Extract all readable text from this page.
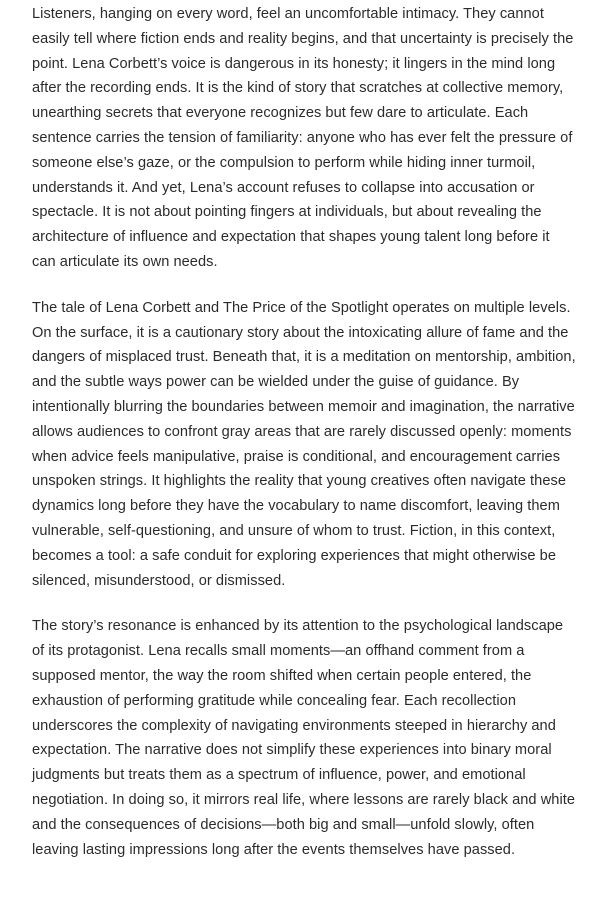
Listeners, hanging on every word, feel an uncomfortable intimacy. They cannot easily tell where fiction ends and reality begins, and that uncertainty is precisely the point. Lena Corbett’s voice is dangerous in its honesty; it lingers in the mind long after the recording ends. It is the kind of story that scratches at collective memory, unearthing secrets that everyone recognizes but few dare to articulate. Each sentence carries the tension of familiarity: anyone who has ever felt the pressure of someone else’s gaze, or the compulsion to perform while hiding inner turmoil, understands it. And yet, Lena’s account refuses to collapse into accusation or spectacle. It is not about pointing fingers at individuals, but about revealing the architecture of influence and expectation that shapes young talent long before it can articulate its own needs.

The tale of Lena Corbett and The Price of the Spotlight operates on multiple levels. On the surface, it is a cautionary story about the intoxicating allure of fame and the dangers of misplaced trust. Beneath that, it is a meditation on mentorship, ambition, and the subtle ways power can be wielded under the guise of guidance. By intentionally blurring the boundaries between memoir and imagination, the narrative allows audiences to confront gray areas that are rarely discussed openly: moments when advice feels manipulative, praise is conditional, and encouragement carries unspoken strings. It highlights the reality that young creatives often navigate these dynamics long before they have the vocabulary to name discomfort, leaving them vulnerable, self-questioning, and unsure of whom to trust. Fiction, in this context, becomes a tool: a safe conduit for exploring experiences that might otherwise be silenced, misunderstood, or dismissed.

The story’s resonance is enhanced by its attention to the psychological landscape of its protagonist. Lena recalls small moments—an offhand comment from a supposed mentor, the way the room shifted when certain people entered, the exhaustion of performing gratitude while concealing fear. Each recollection underscores the complexity of navigating environments steeped in hierarchy and expectation. The narrative does not simplify these experiences into binary moral judgments but treats them as a spectrum of influence, power, and emotional negotiation. In doing so, it mirrors real life, where lessons are rarely black and white and the consequences of decisions—both big and small—unfold slowly, often leaving lasting impressions long after the events themselves have passed.
